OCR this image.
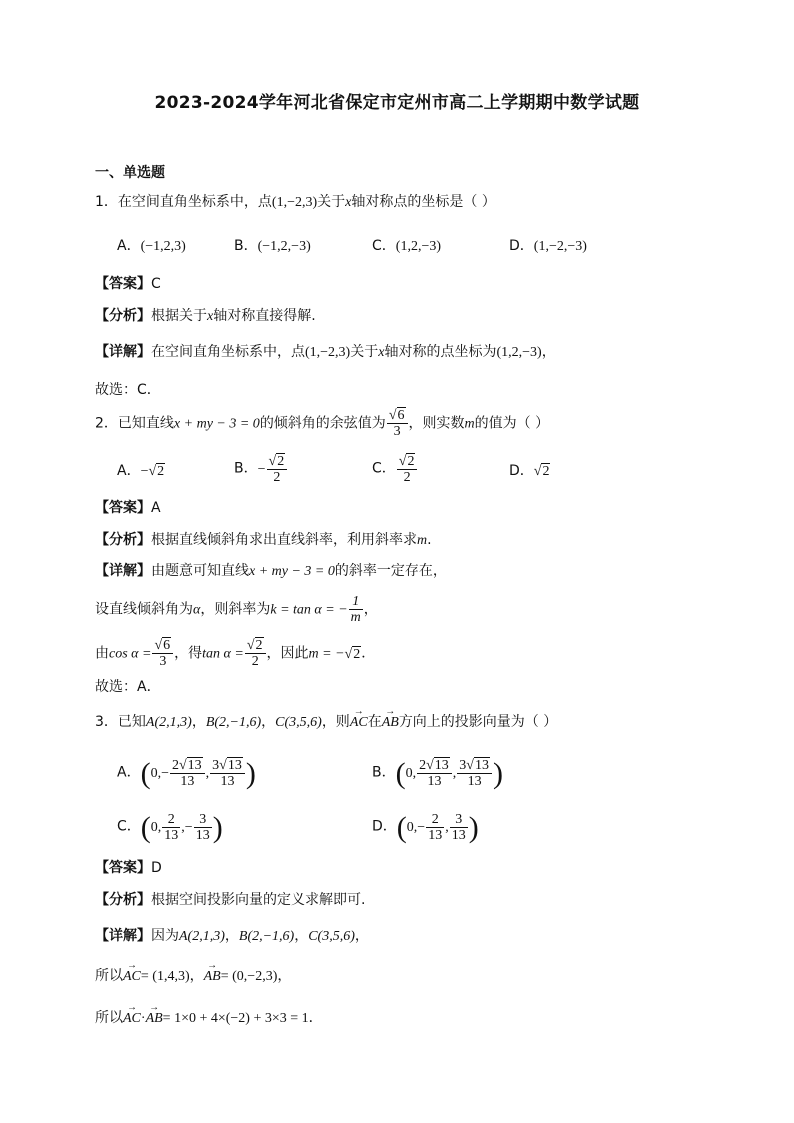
2023-2024学年河北省保定市定州市高二上学期期中数学试题
一、单选题
1．在空间直角坐标系中，点(1,−2,3)关于x轴对称点的坐标是（ ）
A．(−1,2,3)	B．(−1,2,−3)	C．(1,2,−3)	D．(1,−2,−3)
【答案】C
【分析】根据关于x轴对称直接得解.
【详解】在空间直角坐标系中，点(1,−2,3)关于x轴对称的点坐标为(1,2,−3)，
故选：C．
2．已知直线x + my − 3 = 0的倾斜角的余弦值为 $\frac{√6}{3}$ ，则实数m的值为（ ）
A．−√2	B．− $\frac{√2}{2}$	C． $\frac{√2}{2}$	D．√2
【答案】A
【分析】根据直线倾斜角求出直线斜率，利用斜率求m.
【详解】由题意可知直线x + my − 3 = 0的斜率一定存在，
设直线倾斜角为α，则斜率为k = tan α = − $\frac{1}{m}$ ，
由$\cos \alpha = \frac{√6}{3}$ ，得$\tan \alpha = \frac{√2}{2}$ ，因此m = −√2．
故选：A．
3．已知A(2,1,3)，B(2,−1,6)，C(3,5,6)，则→ AC在→ AB方向上的投影向量为（ ）
A．($0,- \frac{2√13}{13}$ , $\frac{3√13}{13}$ )	B．(0, $\frac{2√13}{13}$ , $\frac{3√13}{13}$ )
C．(0, $\frac{2}{13}$ ,− $\frac{3}{13}$ )	D．($0,- \frac{2}{13}$ , $\frac{3}{13}$ )
【答案】D
【分析】根据空间投影向量的定义求解即可.
【详解】因为A(2,1,3)，B(2,−1,6)，C(3,5,6)，
所以→ AC= (1,4,3)，→ AB= (0,−2,3)，
所以→ AC·→ AB= 1×0 + 4×(−2) + 3×3 = 1．
